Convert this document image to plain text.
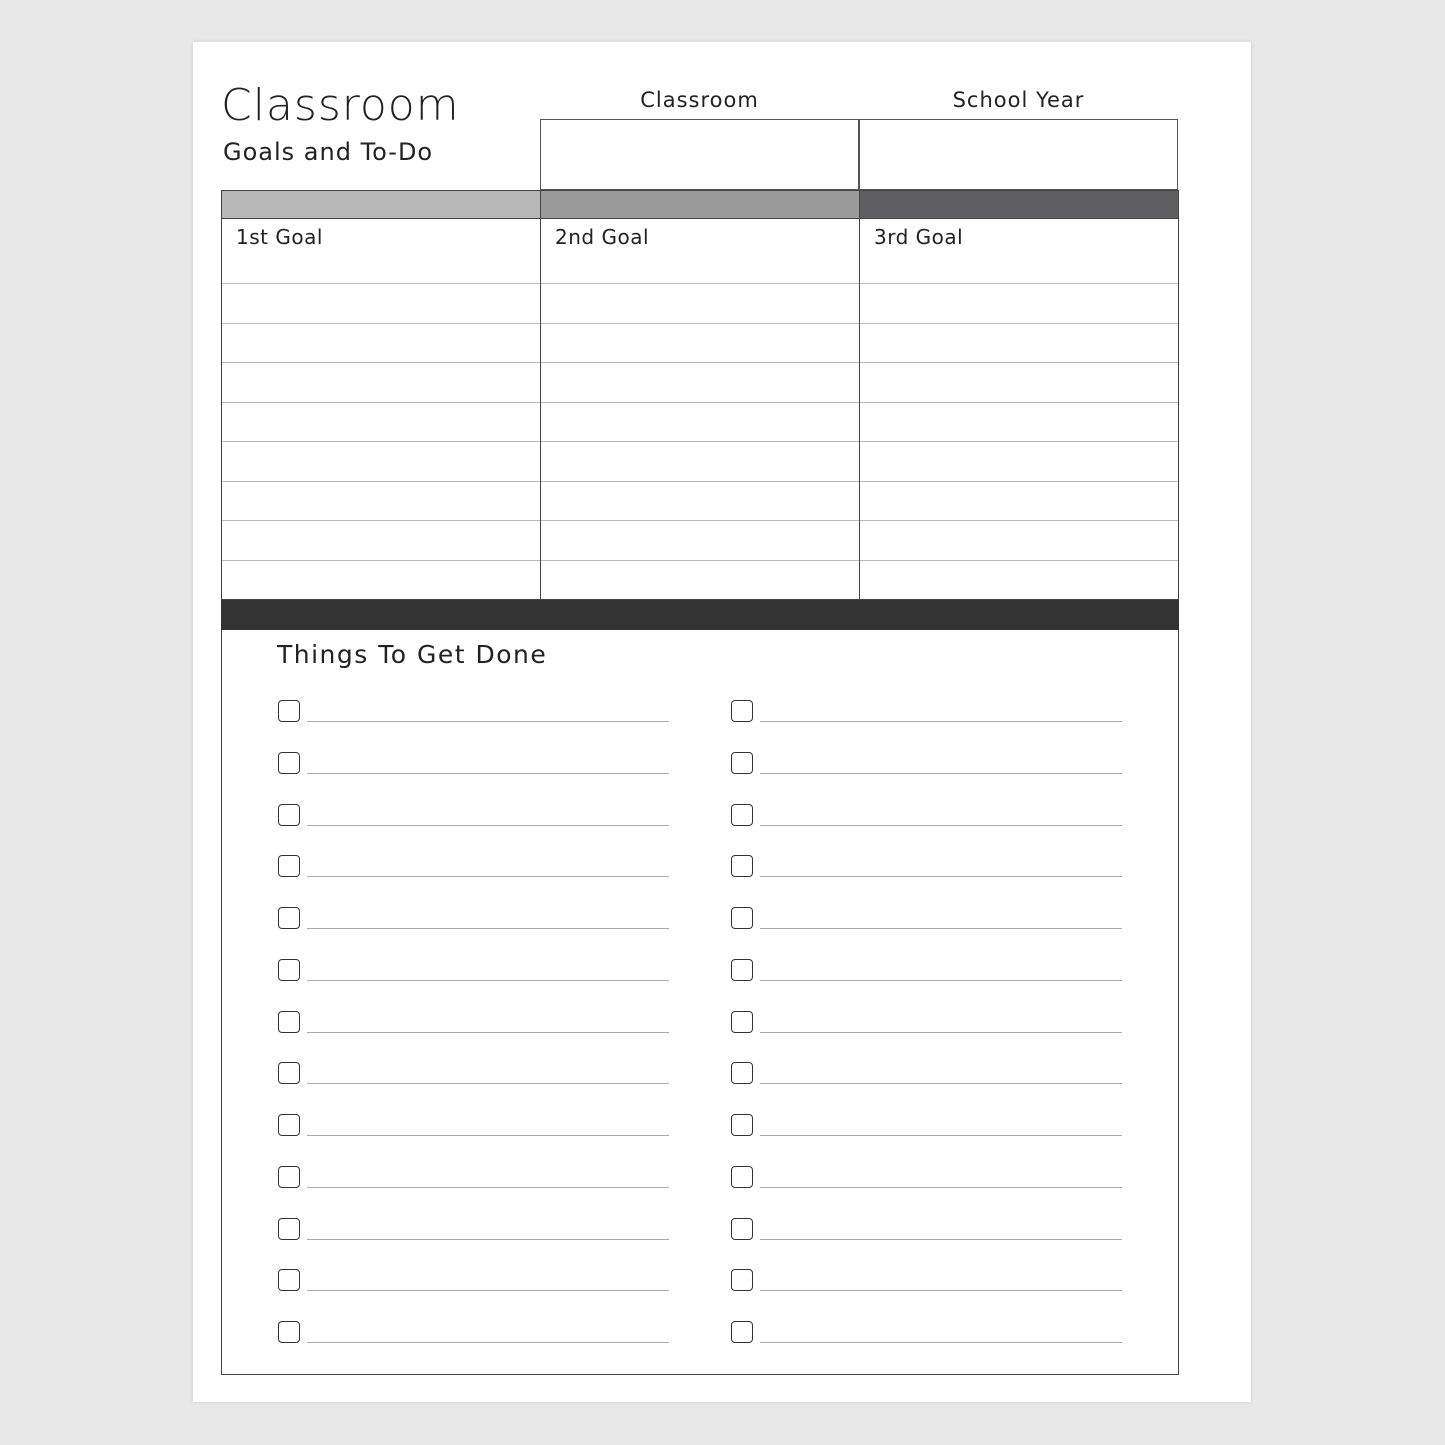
Classroom
Goals and To-Do
Classroom	School Year
1st Goal	2nd Goal	3rd Goal
Things To Get Done
